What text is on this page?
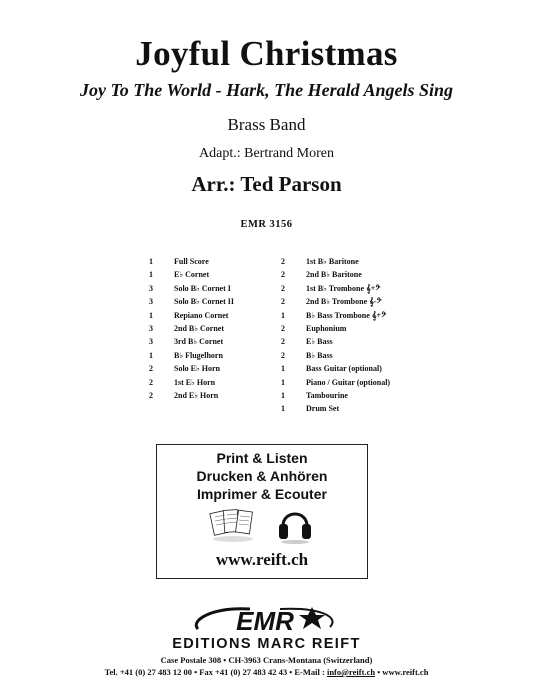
Joyful Christmas
Joy To The World - Hark, The Herald Angels Sing
Brass Band
Adapt.: Bertrand Moren
Arr.: Ted Parson
EMR 3156
1	Full Score
1	E♭ Cornet
3	Solo B♭ Cornet I
3	Solo B♭ Cornet II
1	Repiano Cornet
3	2nd B♭ Cornet
3	3rd B♭ Cornet
1	B♭ Flugelhorn
2	Solo E♭ Horn
2	1st E♭ Horn
2	2nd E♭ Horn
2	1st B♭ Baritone
2	2nd B♭ Baritone
2	1st B♭ Trombone 𝄞+𝄢
2	2nd B♭ Trombone 𝄞-𝄢
1	B♭ Bass Trombone 𝄞+𝄢
2	Euphonium
2	E♭ Bass
2	B♭ Bass
1	Bass Guitar (optional)
1	Piano / Guitar (optional)
1	Tambourine
1	Drum Set
Print & Listen
Drucken & Anhören
Imprimer & Ecouter
www.reift.ch
EMR
EDITIONS MARC REIFT
Case Postale 308 • CH-3963 Crans-Montana (Switzerland)
Tel. +41 (0) 27 483 12 00 • Fax +41 (0) 27 483 42 43 • E-Mail : info@reift.ch • www.reift.ch
